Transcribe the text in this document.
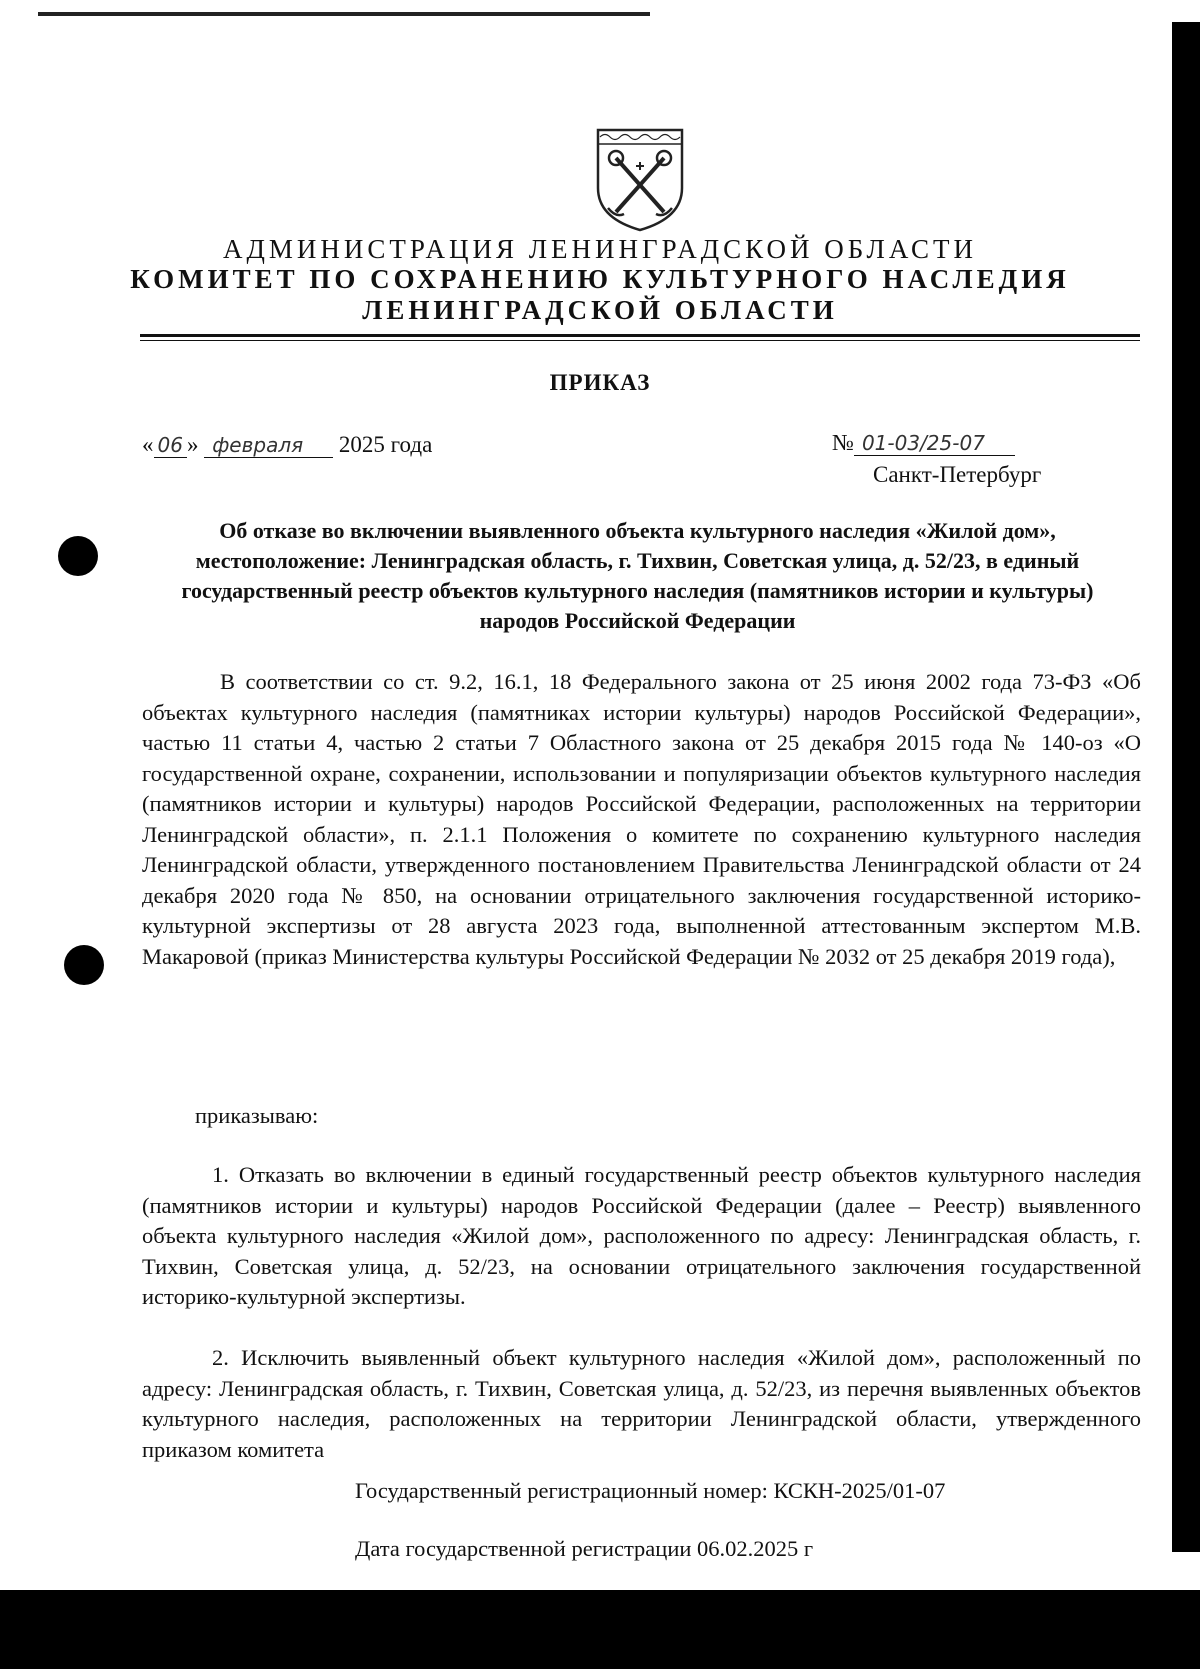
АДМИНИСТРАЦИЯ ЛЕНИНГРАДСКОЙ ОБЛАСТИ
КОМИТЕТ ПО СОХРАНЕНИЮ КУЛЬТУРНОГО НАСЛЕДИЯ
ЛЕНИНГРАДСКОЙ ОБЛАСТИ
ПРИКАЗ
« 06 » февраля 2025 года	№ 01-03/25-07
Санкт-Петербург

Об отказе во включении выявленного объекта культурного наследия «Жилой дом», местоположение: Ленинградская область, г. Тихвин, Советская улица, д. 52/23, в единый государственный реестр объектов культурного наследия (памятников истории и культуры) народов Российской Федерации

В соответствии со ст. 9.2, 16.1, 18 Федерального закона от 25 июня 2002 года 73-ФЗ «Об объектах культурного наследия (памятниках истории культуры) народов Российской Федерации», частью 11 статьи 4, частью 2 статьи 7 Областного закона от 25 декабря 2015 года № 140-оз «О государственной охране, сохранении, использовании и популяризации объектов культурного наследия (памятников истории и культуры) народов Российской Федерации, расположенных на территории Ленинградской области», п. 2.1.1 Положения о комитете по сохранению культурного наследия Ленинградской области, утвержденного постановлением Правительства Ленинградской области от 24 декабря 2020 года № 850, на основании отрицательного заключения государственной историко-культурной экспертизы от 28 августа 2023 года, выполненной аттестованным экспертом М.В. Макаровой (приказ Министерства культуры Российской Федерации № 2032 от 25 декабря 2019 года),

приказываю:

1. Отказать во включении в единый государственный реестр объектов культурного наследия (памятников истории и культуры) народов Российской Федерации (далее – Реестр) выявленного объекта культурного наследия «Жилой дом», расположенного по адресу: Ленинградская область, г. Тихвин, Советская улица, д. 52/23, на основании отрицательного заключения государственной историко-культурной экспертизы.

2. Исключить выявленный объект культурного наследия «Жилой дом», расположенный по адресу: Ленинградская область, г. Тихвин, Советская улица, д. 52/23, из перечня выявленных объектов культурного наследия, расположенных на территории Ленинградской области, утвержденного приказом комитета

Государственный регистрационный номер: КСКН-2025/01-07
Дата государственной регистрации 06.02.2025 г
